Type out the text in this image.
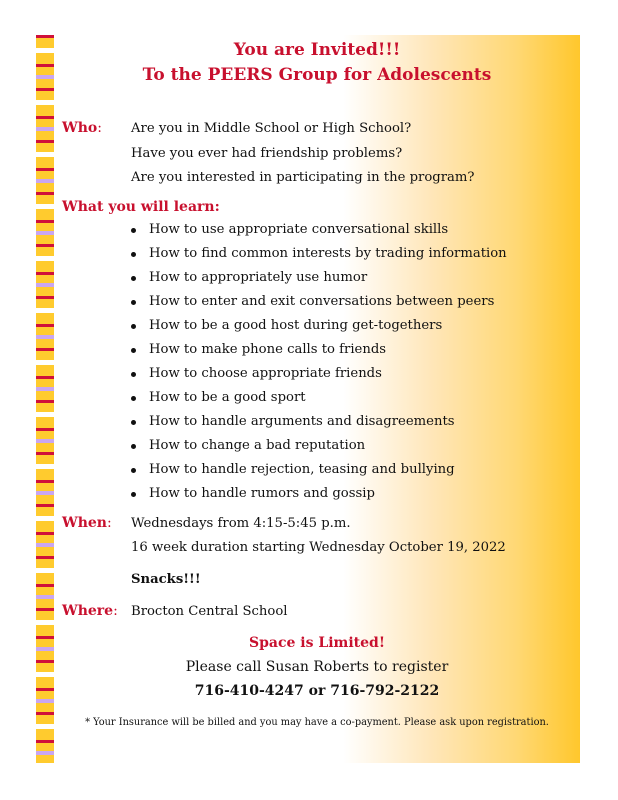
You are Invited!!!
To the PEERS Group for Adolescents
Who: Are you in Middle School or High School?
Have you ever had friendship problems?
Are you interested in participating in the program?
What you will learn:
How to use appropriate conversational skills
How to find common interests by trading information
How to appropriately use humor
How to enter and exit conversations between peers
How to be a good host during get-togethers
How to make phone calls to friends
How to choose appropriate friends
How to be a good sport
How to handle arguments and disagreements
How to change a bad reputation
How to handle rejection, teasing and bullying
How to handle rumors and gossip
When: Wednesdays from 4:15-5:45 p.m.
16 week duration starting Wednesday October 19, 2022
Snacks!!!
Where: Brocton Central School
Space is Limited!
Please call Susan Roberts to register
716-410-4247 or 716-792-2122
* Your Insurance will be billed and you may have a co-payment. Please ask upon registration.
